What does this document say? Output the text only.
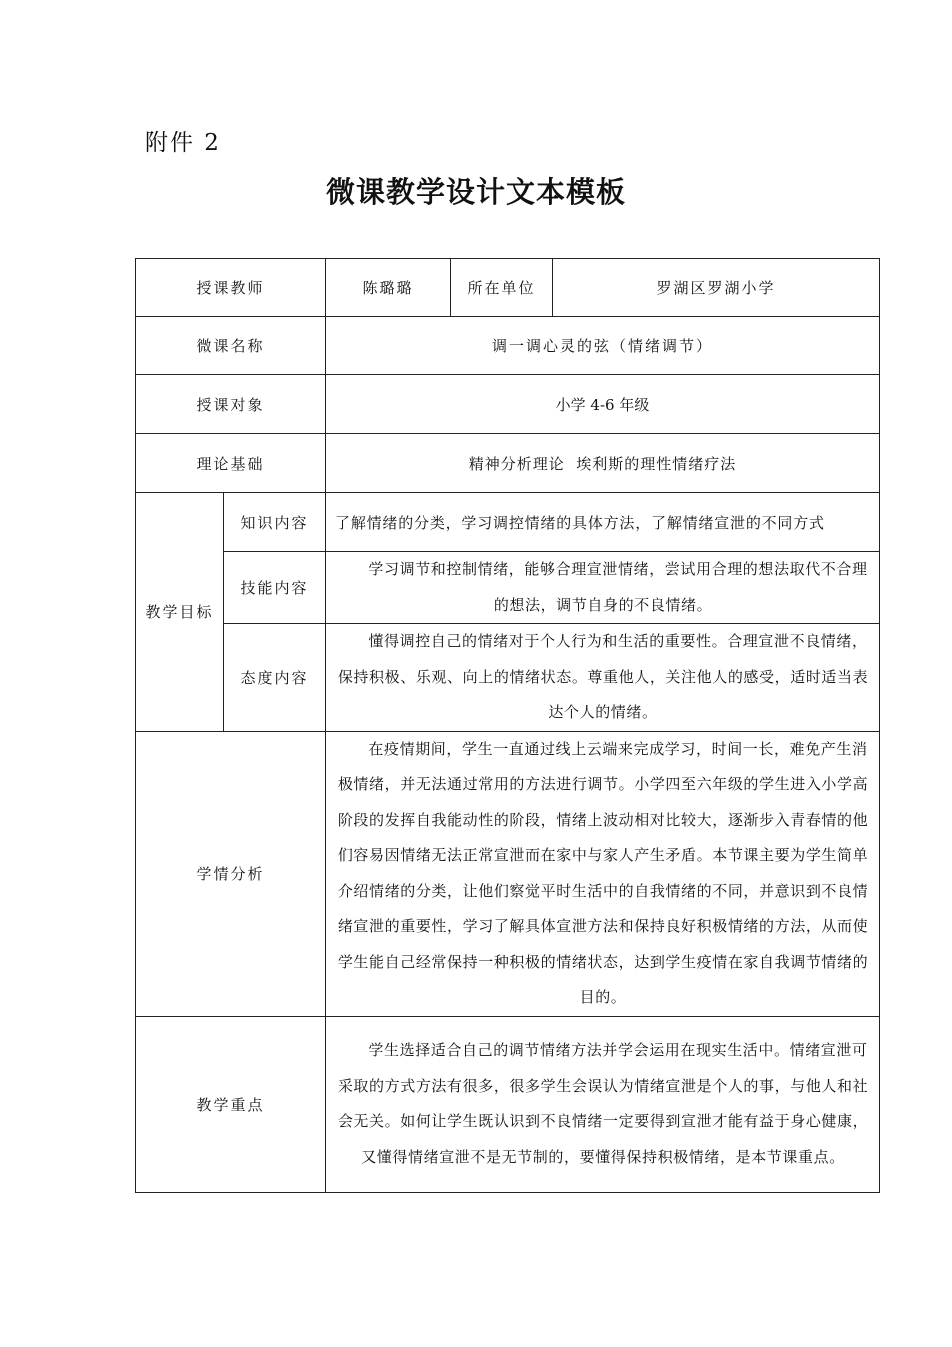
附件 2
微课教学设计文本模板
授课教师		陈璐璐	所在单位	罗湖区罗湖小学
微课名称		调一调心灵的弦（情绪调节）		
授课对象		小学 4-6 年级		
理论基础		精神分析理论  埃利斯的理性情绪疗法		
教学目标	知识内容	了解情绪的分类，学习调控情绪的具体方法，了解情绪宣泄的不同方式		
	技能内容	学习调节和控制情绪，能够合理宣泄情绪，尝试用合理的想法取代不合理的想法，调节自身的不良情绪。		
	态度内容	懂得调控自己的情绪对于个人行为和生活的重要性。合理宣泄不良情绪，保持积极、乐观、向上的情绪状态。尊重他人，关注他人的感受，适时适当表达个人的情绪。		
学情分析		在疫情期间，学生一直通过线上云端来完成学习，时间一长，难免产生消极情绪，并无法通过常用的方法进行调节。小学四至六年级的学生进入小学高阶段的发挥自我能动性的阶段，情绪上波动相对比较大，逐渐步入青春情的他们容易因情绪无法正常宣泄而在家中与家人产生矛盾。本节课主要为学生简单介绍情绪的分类，让他们察觉平时生活中的自我情绪的不同，并意识到不良情绪宣泄的重要性，学习了解具体宣泄方法和保持良好积极情绪的方法，从而使学生能自己经常保持一种积极的情绪状态，达到学生疫情在家自我调节情绪的目的。		
教学重点		学生选择适合自己的调节情绪方法并学会运用在现实生活中。情绪宣泄可采取的方式方法有很多，很多学生会误认为情绪宣泄是个人的事，与他人和社会无关。如何让学生既认识到不良情绪一定要得到宣泄才能有益于身心健康，又懂得情绪宣泄不是无节制的，要懂得保持积极情绪，是本节课重点。		
